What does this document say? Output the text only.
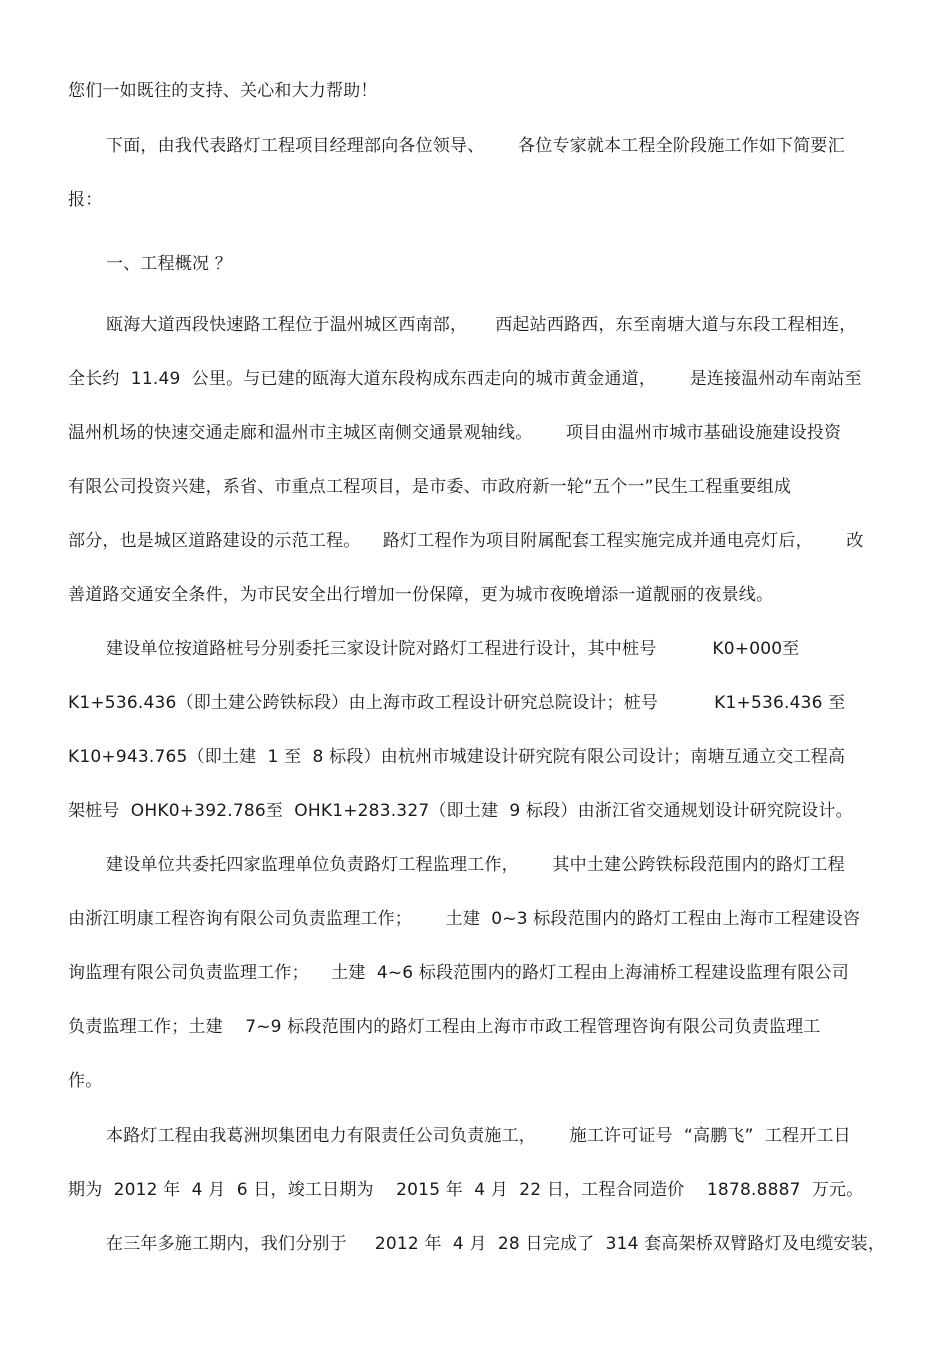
您们一如既往的支持、关心和大力帮助！
下面，由我代表路灯工程项目经理部向各位领导、      各位专家就本工程全阶段施工作如下简要汇
报：
一、工程概况 ？
瓯海大道西段快速路工程位于温州城区西南部，     西起站西路西，东至南塘大道与东段工程相连，
全长约  11.49  公里。与已建的瓯海大道东段构成东西走向的城市黄金通道，      是连接温州动车南站至
温州机场的快速交通走廊和温州市主城区南侧交通景观轴线。      项目由温州市城市基础设施建设投资
有限公司投资兴建，系省、市重点工程项目，是市委、市政府新一轮“五个一”民生工程重要组成
部分，也是城区道路建设的示范工程。    路灯工程作为项目附属配套工程实施完成并通电亮灯后，      改
善道路交通安全条件，为市民安全出行增加一份保障，更为城市夜晚增添一道靓丽的夜景线。
建设单位按道路桩号分别委托三家设计院对路灯工程进行设计，其中桩号          K0+000至
K1+536.436（即土建公跨铁标段）由上海市政工程设计研究总院设计；桩号          K1+536.436 至
K10+943.765（即土建  1 至  8 标段）由杭州市城建设计研究院有限公司设计；南塘互通立交工程高
架桩号  OHK0+392.786至  OHK1+283.327（即土建  9 标段）由浙江省交通规划设计研究院设计。
建设单位共委托四家监理单位负责路灯工程监理工作，      其中土建公跨铁标段范围内的路灯工程
由浙江明康工程咨询有限公司负责监理工作；      土建  0~3 标段范围内的路灯工程由上海市工程建设咨
询监理有限公司负责监理工作；    土建  4~6 标段范围内的路灯工程由上海浦桥工程建设监理有限公司
负责监理工作；土建    7~9 标段范围内的路灯工程由上海市市政工程管理咨询有限公司负责监理工
作。
本路灯工程由我葛洲坝集团电力有限责任公司负责施工，      施工许可证号  “高鹏飞”  工程开工日
期为  2012 年  4 月  6 日，竣工日期为    2015 年  4 月  22 日，工程合同造价    1878.8887  万元。
在三年多施工期内，我们分别于     2012 年  4 月  28 日完成了  314 套高架桥双臂路灯及电缆安装，
